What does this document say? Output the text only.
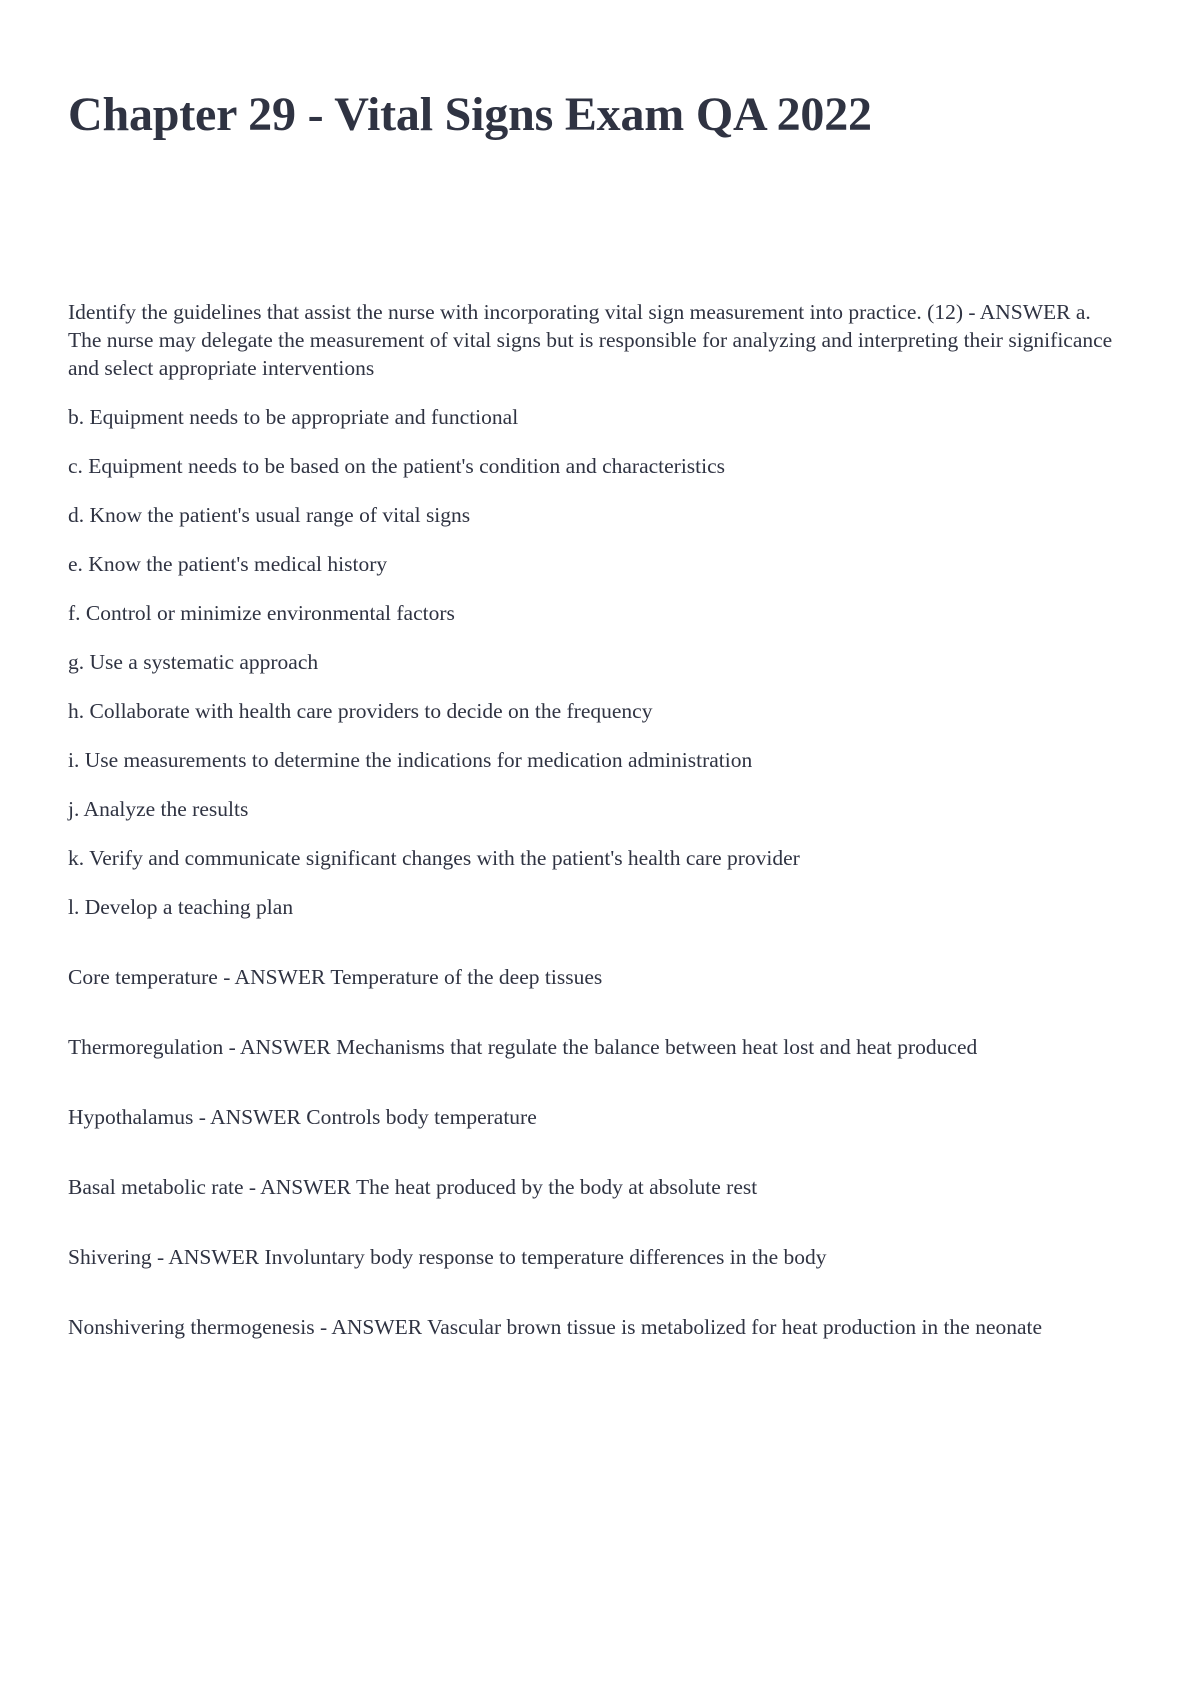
Chapter 29 - Vital Signs Exam QA 2022

Identify the guidelines that assist the nurse with incorporating vital sign measurement into practice. (12) - ANSWER a. The nurse may delegate the measurement of vital signs but is responsible for analyzing and interpreting their significance and select appropriate interventions

b. Equipment needs to be appropriate and functional

c. Equipment needs to be based on the patient's condition and characteristics

d. Know the patient's usual range of vital signs

e. Know the patient's medical history

f. Control or minimize environmental factors

g. Use a systematic approach

h. Collaborate with health care providers to decide on the frequency

i. Use measurements to determine the indications for medication administration

j. Analyze the results

k. Verify and communicate significant changes with the patient's health care provider

l. Develop a teaching plan

Core temperature - ANSWER Temperature of the deep tissues

Thermoregulation - ANSWER Mechanisms that regulate the balance between heat lost and heat produced

Hypothalamus - ANSWER Controls body temperature

Basal metabolic rate - ANSWER The heat produced by the body at absolute rest

Shivering - ANSWER Involuntary body response to temperature differences in the body

Nonshivering thermogenesis - ANSWER Vascular brown tissue is metabolized for heat production in the neonate
